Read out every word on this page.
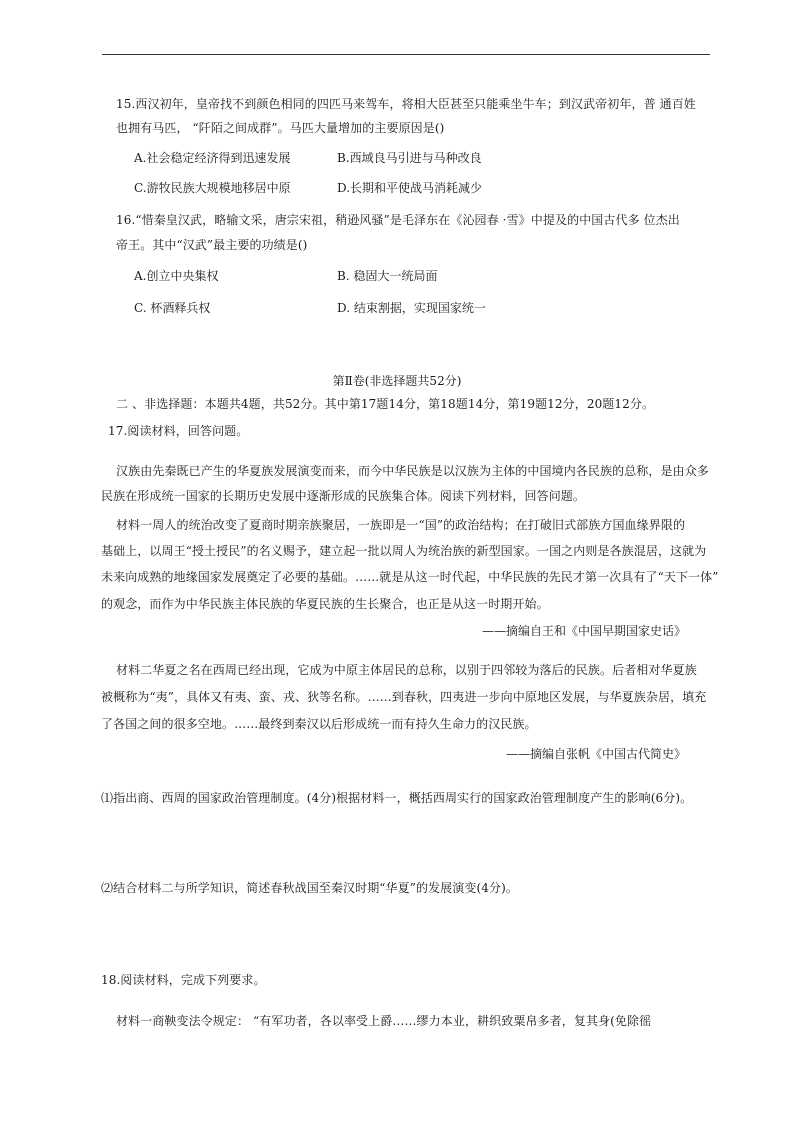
15.西汉初年，皇帝找不到颜色相同的四匹马来驾车，将相大臣甚至只能乘坐牛车；到汉武帝初年，普 通百姓
也拥有马匹， “阡陌之间成群”。马匹大量增加的主要原因是()
A.社会稳定经济得到迅速发展	B.西域良马引进与马种改良
C.游牧民族大规模地移居中原	D.长期和平使战马消耗减少
16.“惜秦皇汉武，略输文采，唐宗宋祖，稍逊风骚”是毛泽东在《沁园春 ·雪》中提及的中国古代多 位杰出
帝王。其中“汉武”最主要的功绩是()
A.创立中央集权	B. 稳固大一统局面
C. 杯酒释兵权	D. 结束割据，实现国家统一
第Ⅱ卷(非选择题共52分)
二 、非选择题：本题共4题，共52分。其中第17题14分，第18题14分，第19题12分，20题12分。
17.阅读材料，回答问题。
汉族由先秦既已产生的华夏族发展演变而来，而今中华民族是以汉族为主体的中国境内各民族的总称，是由众多
民族在形成统一国家的长期历史发展中逐渐形成的民族集合体。阅读下列材料，回答问题。
材料一周人的统治改变了夏商时期亲族聚居，一族即是一“国”的政治结构；在打破旧式部族方国血缘界限的
基础上，以周王“授土授民”的名义赐予，建立起一批以周人为统治族的新型国家。一国之内则是各族混居，这就为
未来向成熟的地缘国家发展奠定了必要的基础。……就是从这一时代起，中华民族的先民才第一次具有了“天下一体”
的观念，而作为中华民族主体民族的华夏民族的生长聚合，也正是从这一时期开始。
——摘编自王和《中国早期国家史话》
材料二华夏之名在西周已经出现，它成为中原主体居民的总称，以别于四邻较为落后的民族。后者相对华夏族
被概称为“夷”，具体又有夷、蛮、戎、狄等名称。……到春秋，四夷进一步向中原地区发展，与华夏族杂居，填充
了各国之间的很多空地。……最终到秦汉以后形成统一而有持久生命力的汉民族。
——摘编自张帆《中国古代简史》
⑴指出商、西周的国家政治管理制度。(4分)根据材料一，概括西周实行的国家政治管理制度产生的影响(6分)。
⑵结合材料二与所学知识，简述春秋战国至秦汉时期“华夏”的发展演变(4分)。
18.阅读材料，完成下列要求。
材料一商鞅变法令规定： “有军功者，各以率受上爵……缪力本业，耕织致粟帛多者，复其身(免除徭
